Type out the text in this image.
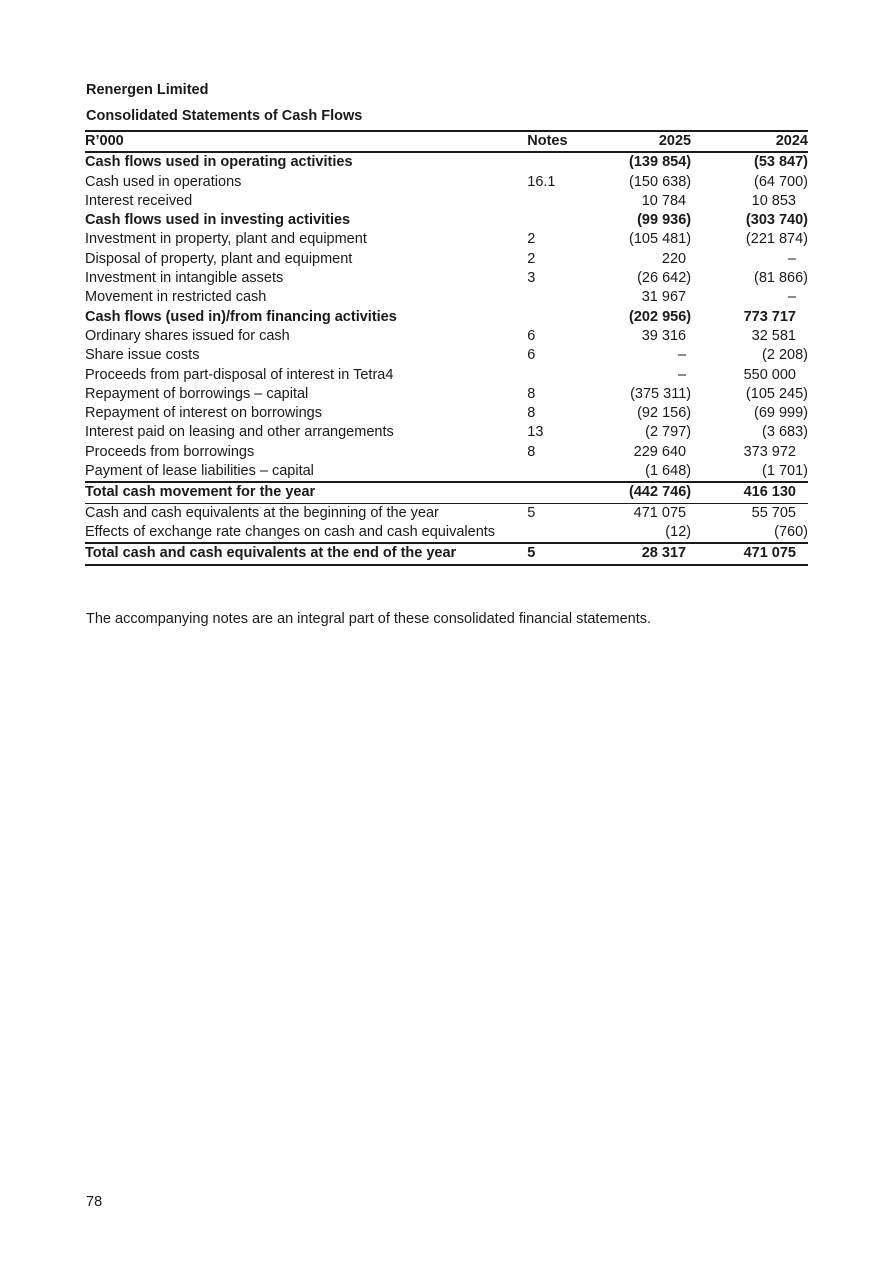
Renergen Limited
Consolidated Statements of Cash Flows
R’000	Notes	2025	2024
Cash flows used in operating activities		(139 854)	(53 847)
Cash used in operations	16.1	(150 638)	(64 700)
Interest received		10 784	10 853
Cash flows used in investing activities		(99 936)	(303 740)
Investment in property, plant and equipment	2	(105 481)	(221 874)
Disposal of property, plant and equipment	2	220	–
Investment in intangible assets	3	(26 642)	(81 866)
Movement in restricted cash		31 967	–
Cash flows (used in)/from financing activities		(202 956)	773 717
Ordinary shares issued for cash	6	39 316	32 581
Share issue costs	6	–	(2 208)
Proceeds from part-disposal of interest in Tetra4		–	550 000
Repayment of borrowings – capital	8	(375 311)	(105 245)
Repayment of interest on borrowings	8	(92 156)	(69 999)
Interest paid on leasing and other arrangements	13	(2 797)	(3 683)
Proceeds from borrowings	8	229 640	373 972
Payment of lease liabilities – capital		(1 648)	(1 701)
Total cash movement for the year		(442 746)	416 130
Cash and cash equivalents at the beginning of the year	5	471 075	55 705
Effects of exchange rate changes on cash and cash equivalents		(12)	(760)
Total cash and cash equivalents at the end of the year	5	28 317	471 075
The accompanying notes are an integral part of these consolidated financial statements.
78
